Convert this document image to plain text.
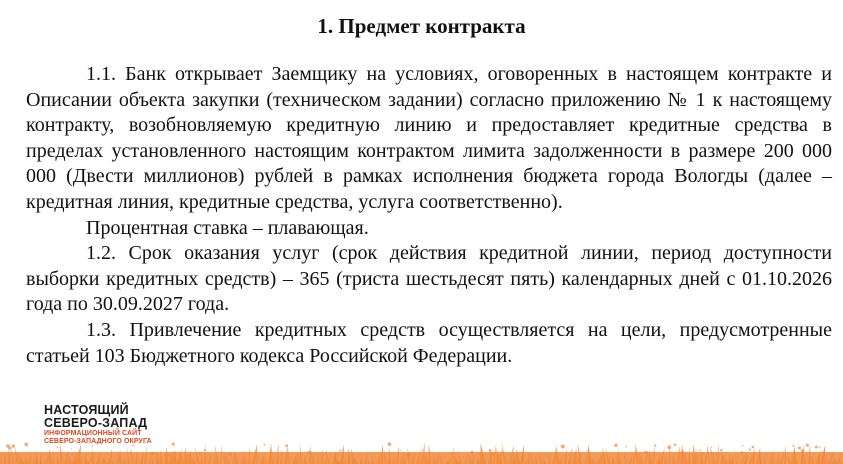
1. Предмет контракта

1.1. Банк открывает Заемщику на условиях, оговоренных в настоящем контракте и Описании объекта закупки (техническом задании) согласно приложению № 1 к настоящему контракту, возобновляемую кредитную линию и предоставляет кредитные средства в пределах установленного настоящим контрактом лимита задолженности в размере 200 000 000 (Двести миллионов) рублей в рамках исполнения бюджета города Вологды (далее – кредитная линия, кредитные средства, услуга соответственно).

Процентная ставка – плавающая.

1.2. Срок оказания услуг (срок действия кредитной линии, период доступности выборки кредитных средств) – 365 (триста шестьдесят пять) календарных дней с 01.10.2026 года по 30.09.2027 года.

1.3. Привлечение кредитных средств осуществляется на цели, предусмотренные статьей 103 Бюджетного кодекса Российской Федерации.

НАСТОЯЩИЙ
СЕВЕРО-ЗАПАД
ИНФОРМАЦИОННЫЙ САЙТ
СЕВЕРО-ЗАПАДНОГО ОКРУГА
